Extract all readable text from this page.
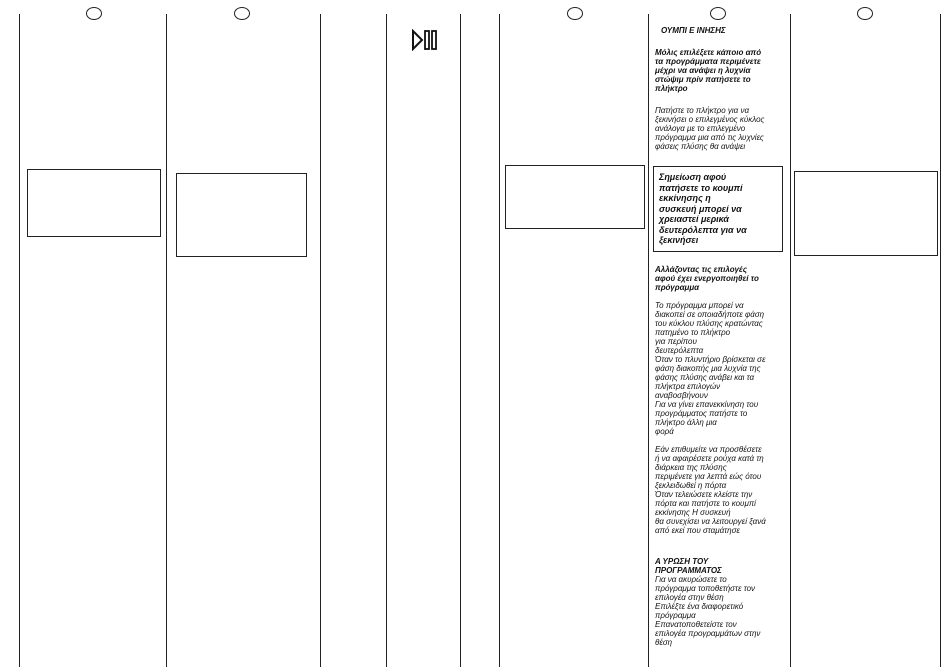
ΟΥΜΠΙ Ε ΙΝΗΣΗΣ
Μόλις επιλέξετε κάποιο από
τα προγράμματα περιμένετε
μέχρι να ανάψει η λυχνία
στώψιμ πρίν πατήσετε το
πλήκτρο
Πατήστε το πλήκτρο για να
ξεκινήσει ο επιλεγμένος κύκλος
ανάλογα με το επιλεγμένο
πρόγραμμα μια από τις λυχνίες
φάσεις πλύσης θα ανάψει
Σημείωση αφού
πατήσετε το κουμπί
εκκίνησης η
συσκευή μπορεί να
χρειαστεί μερικά
δευτερόλεπτα για να
ξεκινήσει
Αλλάζοντας τις επιλογές
αφού έχει ενεργοποιηθεί το
πρόγραμμα
Το πρόγραμμα μπορεί να
διακοπεί σε οποιαδήποτε φάση
του κύκλου πλύσης κρατώντας
πατημένο το πλήκτρο
για περίπου
δευτερόλεπτα
Όταν το πλυντήριο βρίσκεται σε
φάση διακοπής μια λυχνία της
φάσης πλύσης ανάβει και τα
πλήκτρα επιλογών
αναβοσβήνουν
Για να γίνει επανεκκίνηση του
προγράμματος πατήστε το
πλήκτρο άλλη μια
φορά
Εάν επιθυμείτε να προσθέσετε
ή να αφαιρέσετε ρούχα κατά τη
διάρκεια της πλύσης
περιμένετε για λεπτά εώς ότου
ξεκλειδωθεί η πόρτα
Όταν τελειώσετε κλείστε την
πόρτα και πατήστε το κουμπί
εκκίνησης Η συσκευή
θα συνεχίσει να λειτουργεί ξανά
από εκεί που σταμάτησε
Α ΥΡΩΣΗ ΤΟΥ
ΠΡΟΓΡΑΜΜΑΤΟΣ
Για να ακυρώσετε το
πρόγραμμα τοποθετήστε τον
επιλογέα στην θέση
Επιλέξτε ένα διαφορετικό
πρόγραμμα
Επανατοποθετείστε τον
επιλογέα προγραμμάτων στην
θέση
